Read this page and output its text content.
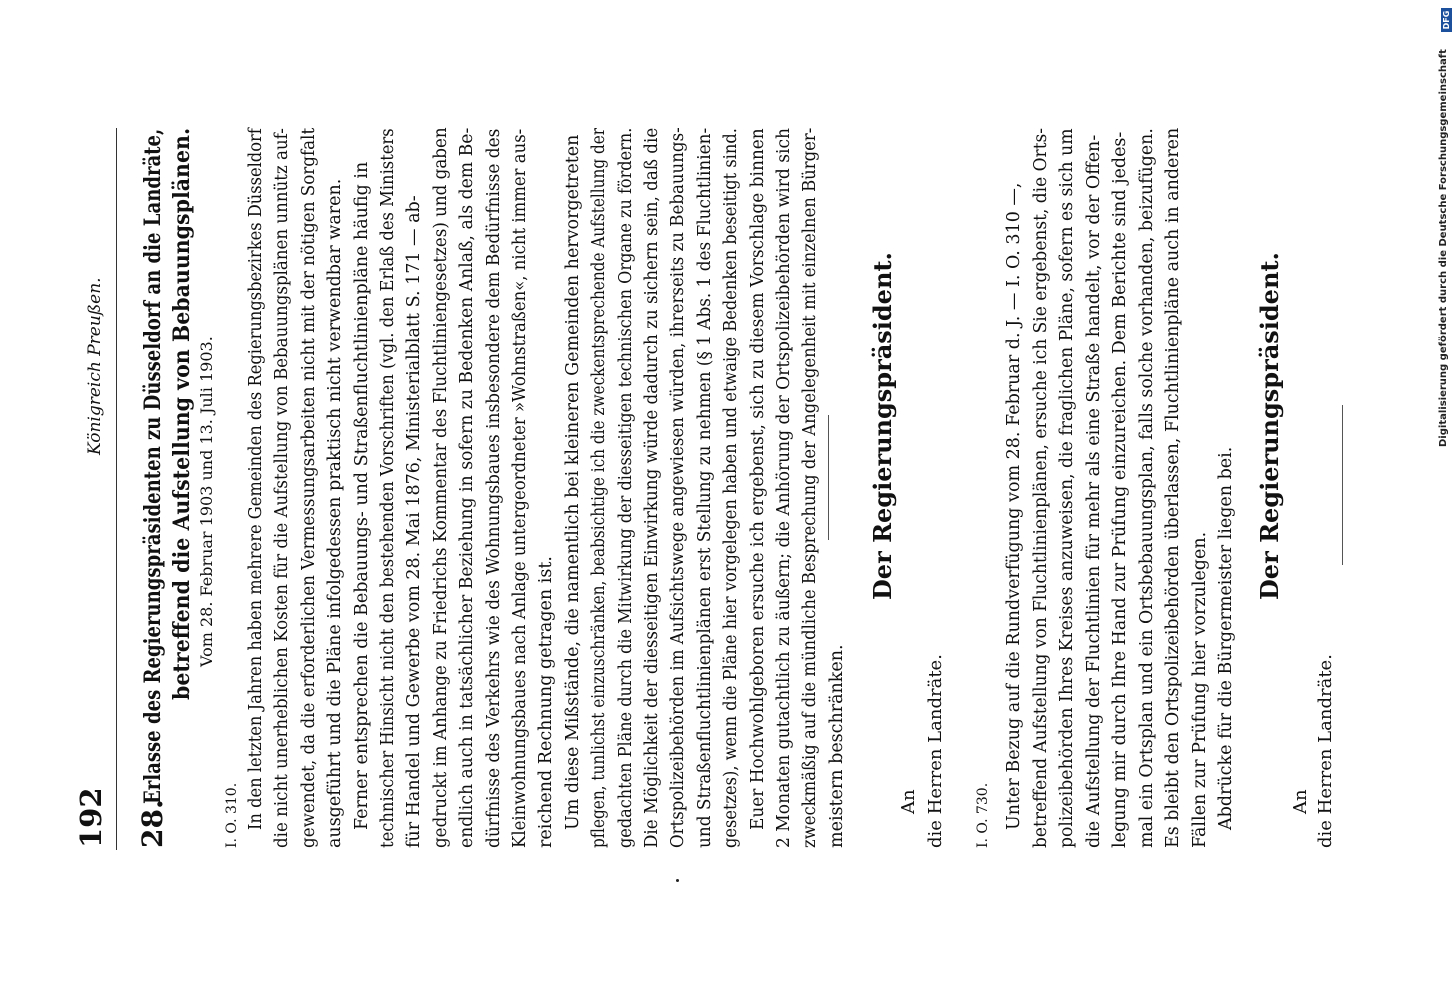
192
Königreich Preußen.
28.
Erlasse des Regierungspräsidenten zu Düsseldorf an die Landräte, betreffend die Aufstellung von Bebauungsplänen. Vom 28. Februar 1903 und 13. Juli 1903.
I. O. 310. In den letzten Jahren haben mehrere Gemeinden des Regierungsbezirkes Düsseldorf die nicht unerheblichen Kosten für die Aufstellung von Bebauungsplänen unnütz auf- gewendet, da die erforderlichen Vermessungsarbeiten nicht mit der nötigen Sorgfalt ausgeführt und die Pläne infolgedessen praktisch nicht verwendbar waren. Ferner entsprechen die Bebauungs- und Straßenfluchtlinienpläne häufig in technischer Hinsicht nicht den bestehenden Vorschriften (vgl. den Erlaß des Ministers für Handel und Gewerbe vom 28. Mai 1876, Ministerialblatt S. 171 — ab- gedruckt im Anhange zu Friedrichs Kommentar des Fluchtliniengesetzes) und gaben endlich auch in tatsächlicher Beziehung in sofern zu Bedenken Anlaß, als dem Be- dürfnisse des Verkehrs wie des Wohnungsbaues insbesondere dem Bedürfnisse des Kleinwohnungsbaues nach Anlage untergeordneter »Wohnstraßen«, nicht immer aus- reichend Rechnung getragen ist. Um diese Mißstände, die namentlich bei kleineren Gemeinden hervorgetreten pflegen, tunlichst einzuschränken, beabsichtige ich die zweckentsprechende Aufstellung der gedachten Pläne durch die Mitwirkung der diesseitigen technischen Organe zu fördern. Die Möglichkeit der diesseitigen Einwirkung würde dadurch zu sichern sein, daß die Ortspolizeibehörden im Aufsichtswege angewiesen würden, ihrerseits zu Bebauungs- und Straßenfluchtlinienplänen erst Stellung zu nehmen (§ 1 Abs. 1 des Fluchtlinien- gesetzes), wenn die Pläne hier vorgelegen haben und etwaige Bedenken beseitigt sind. Euer Hochwohlgeboren ersuche ich ergebenst, sich zu diesem Vorschlage binnen 2 Monaten gutachtlich zu äußern; die Anhörung der Ortspolizeibehörden wird sich zweckmäßig auf die mündliche Besprechung der Angelegenheit mit einzelnen Bürger- meistern beschränken.
Der Regierungspräsident.
An die Herren Landräte. I. O. 730. Unter Bezug auf die Rundverfügung vom 28. Februar d. J. — I. O. 310 —, betreffend Aufstellung von Fluchtlinienplänen, ersuche ich Sie ergebenst, die Orts- polizeibehörden Ihres Kreises anzuweisen, die fraglichen Pläne, sofern es sich um die Aufstellung der Fluchtlinien für mehr als eine Straße handelt, vor der Offen- legung mir durch Ihre Hand zur Prüfung einzureichen. Dem Berichte sind jedes- mal ein Ortsplan und ein Ortsbebauungsplan, falls solche vorhanden, beizufügen. Es bleibt den Ortspolizeibehörden überlassen, Fluchtlinienpläne auch in anderen Fällen zur Prüfung hier vorzulegen. Abdrücke für die Bürgermeister liegen bei.
Der Regierungspräsident.
An die Herren Landräte.
Digitalisierung gefördert durch die Deutsche Forschungsgemeinschaft
DFG
